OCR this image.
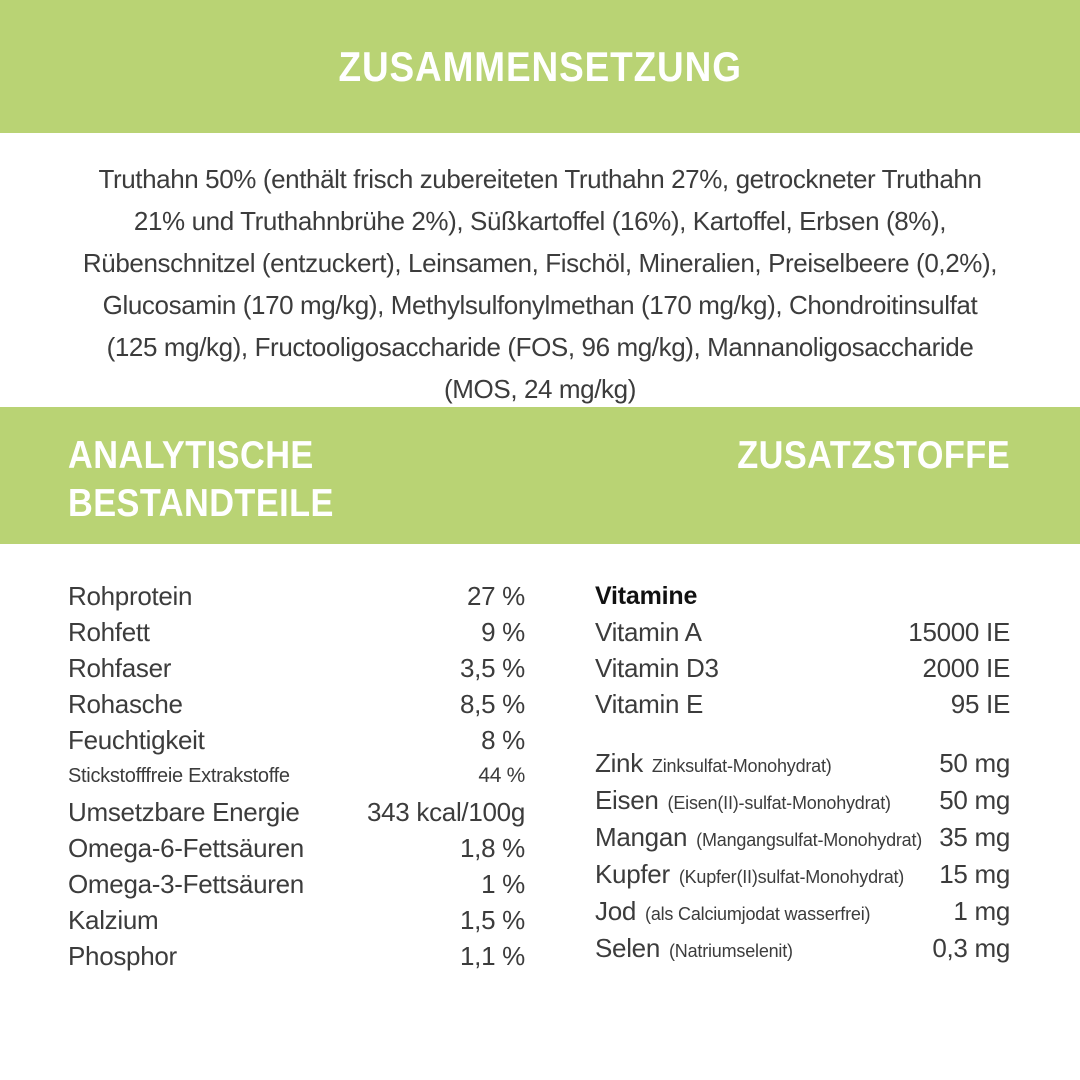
ZUSAMMENSETZUNG
Truthahn 50% (enthält frisch zubereiteten Truthahn 27%, getrockneter Truthahn
21% und Truthahnbrühe 2%), Süßkartoffel (16%), Kartoffel, Erbsen (8%),
Rübenschnitzel (entzuckert), Leinsamen, Fischöl, Mineralien, Preiselbeere (0,2%),
Glucosamin (170 mg/kg), Methylsulfonylmethan (170 mg/kg), Chondroitinsulfat
(125 mg/kg), Fructooligosaccharide (FOS, 96 mg/kg), Mannanoligosaccharide
(MOS, 24 mg/kg)
ANALYTISCHE
BESTANDTEILE
ZUSATZSTOFFE
Rohprotein	27 %
Rohfett	9 %
Rohfaser	3,5 %
Rohasche	8,5 %
Feuchtigkeit	8 %
Stickstofffreie Extrakstoffe	44 %
Umsetzbare Energie	343 kcal/100g
Omega-6-Fettsäuren	1,8 %
Omega-3-Fettsäuren	1 %
Kalzium	1,5 %
Phosphor	1,1 %
Vitamine
Vitamin A	15000 IE
Vitamin D3	2000 IE
Vitamin E	95 IE
Zink Zinksulfat-Monohydrat)	50 mg
Eisen (Eisen(II)-sulfat-Monohydrat) 50 mg
Mangan (Mangangsulfat-Monohydrat) 35 mg
Kupfer (Kupfer(II)sulfat-Monohydrat) 15 mg
Jod (als Calciumjodat wasserfrei)	1 mg
Selen (Natriumselenit)	0,3 mg
